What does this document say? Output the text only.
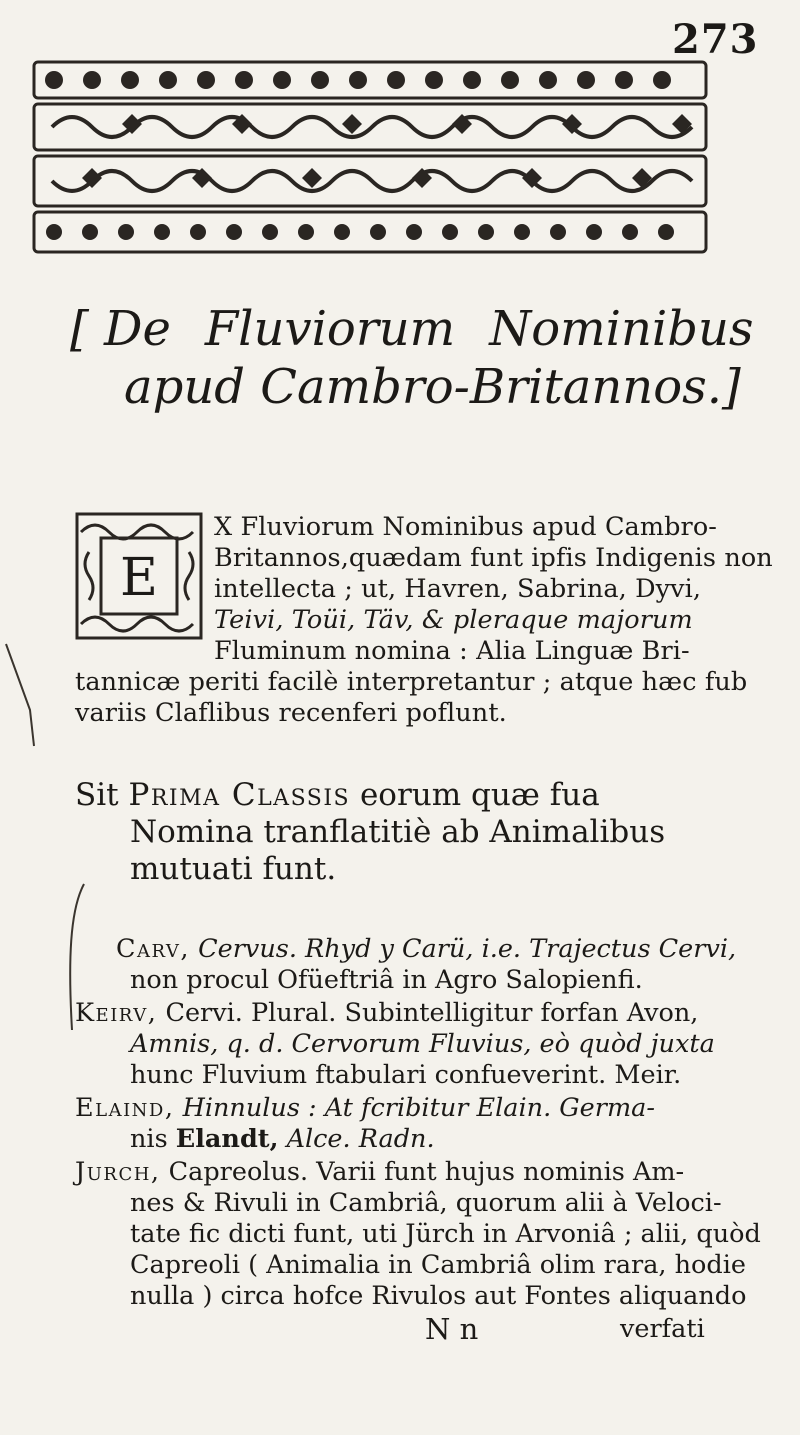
273
[ De Fluviorum Nominibus
apud Cambro-Britannos.]
E
X Fluviorum Nominibus apud Cambro-
Britannos,quædam funt ipfis Indigenis non
intellecta ; ut, Havren, Sabrina, Dyvi,
Teivi, Toüi, Täv, & pleraque majorum
Fluminum nomina : Alia Linguæ Bri-
tannicæ periti facilè interpretantur ; atque hæc fub
variis Claflibus recenferi poflunt.
Sit Prima Classis eorum quæ fua
Nomina tranflatitiè ab Animalibus
mutuati funt.
Carv, Cervus. Rhyd y Carü, i.e. Trajectus Cervi,
non procul Ofüeftriâ in Agro Salopienfi.
Keirv, Cervi. Plural. Subintelligitur forfan Avon,
Amnis, q. d. Cervorum Fluvius, eò quòd juxta
hunc Fluvium ftabulari confueverint. Meir.
Elaind, Hinnulus : At fcribitur Elain. Germa-
nis Elandt, Alce. Radn.
Jurch, Capreolus. Varii funt hujus nominis Am-
nes & Rivuli in Cambriâ, quorum alii à Veloci-
tate fic dicti funt, uti Jürch in Arvoniâ ; alii, quòd
Capreoli ( Animalia in Cambriâ olim rara, hodie
nulla ) circa hofce Rivulos aut Fontes aliquando
N n	verfati
